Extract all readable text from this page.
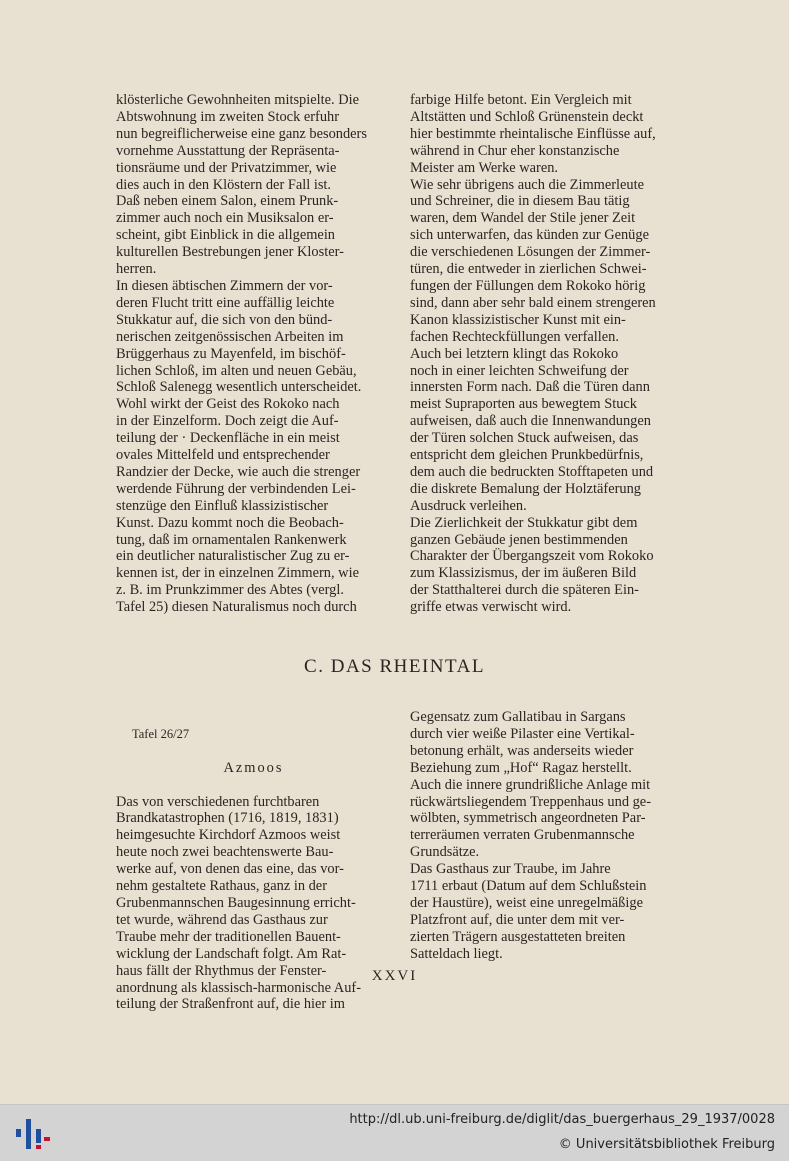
klösterliche Gewohnheiten mitspielte. Die
Abtswohnung im zweiten Stock erfuhr
nun begreiflicherweise eine ganz besonders
vornehme Ausstattung der Repräsenta-
tionsräume und der Privatzimmer, wie
dies auch in den Klöstern der Fall ist.
Daß neben einem Salon, einem Prunk-
zimmer auch noch ein Musiksalon er-
scheint, gibt Einblick in die allgemein
kulturellen Bestrebungen jener Kloster-
herren.
In diesen äbtischen Zimmern der vor-
deren Flucht tritt eine auffällig leichte
Stukkatur auf, die sich von den bünd-
nerischen zeitgenössischen Arbeiten im
Brüggerhaus zu Mayenfeld, im bischöf-
lichen Schloß, im alten und neuen Gebäu,
Schloß Salenegg wesentlich unterscheidet.
Wohl wirkt der Geist des Rokoko nach
in der Einzelform. Doch zeigt die Auf-
teilung der · Deckenfläche in ein meist
ovales Mittelfeld und entsprechender
Randzier der Decke, wie auch die strenger
werdende Führung der verbindenden Lei-
stenzüge den Einfluß klassizistischer
Kunst. Dazu kommt noch die Beobach-
tung, daß im ornamentalen Rankenwerk
ein deutlicher naturalistischer Zug zu er-
kennen ist, der in einzelnen Zimmern, wie
z. B. im Prunkzimmer des Abtes (vergl.
Tafel 25) diesen Naturalismus noch durch
farbige Hilfe betont. Ein Vergleich mit
Altstätten und Schloß Grünenstein deckt
hier bestimmte rheintalische Einflüsse auf,
während in Chur eher konstanzische
Meister am Werke waren.
Wie sehr übrigens auch die Zimmerleute
und Schreiner, die in diesem Bau tätig
waren, dem Wandel der Stile jener Zeit
sich unterwarfen, das künden zur Genüge
die verschiedenen Lösungen der Zimmer-
türen, die entweder in zierlichen Schwei-
fungen der Füllungen dem Rokoko hörig
sind, dann aber sehr bald einem strengeren
Kanon klassizistischer Kunst mit ein-
fachen Rechteckfüllungen verfallen.
Auch bei letztern klingt das Rokoko
noch in einer leichten Schweifung der
innersten Form nach. Daß die Türen dann
meist Supraporten aus bewegtem Stuck
aufweisen, daß auch die Innenwandungen
der Türen solchen Stuck aufweisen, das
entspricht dem gleichen Prunkbedürfnis,
dem auch die bedruckten Stofftapeten und
die diskrete Bemalung der Holztäferung
Ausdruck verleihen.
Die Zierlichkeit der Stukkatur gibt dem
ganzen Gebäude jenen bestimmenden
Charakter der Übergangszeit vom Rokoko
zum Klassizismus, der im äußeren Bild
der Statthalterei durch die späteren Ein-
griffe etwas verwischt wird.
C. DAS RHEINTAL

Tafel 26/27

Azmoos

Das von verschiedenen furchtbaren
Brandkatastrophen (1716, 1819, 1831)
heimgesuchte Kirchdorf Azmoos weist
heute noch zwei beachtenswerte Bau-
werke auf, von denen das eine, das vor-
nehm gestaltete Rathaus, ganz in der
Grubenmannschen Baugesinnung erricht-
tet wurde, während das Gasthaus zur
Traube mehr der traditionellen Bauent-
wicklung der Landschaft folgt. Am Rat-
haus fällt der Rhythmus der Fenster-
anordnung als klassisch-harmonische Auf-
teilung der Straßenfront auf, die hier im

Gegensatz zum Gallatibau in Sargans
durch vier weiße Pilaster eine Vertikal-
betonung erhält, was anderseits wieder
Beziehung zum „Hof“ Ragaz herstellt.
Auch die innere grundrißliche Anlage mit
rückwärtsliegendem Treppenhaus und ge-
wölbten, symmetrisch angeordneten Par-
terreräumen verraten Grubenmannsche
Grundsätze.
Das Gasthaus zur Traube, im Jahre
1711 erbaut (Datum auf dem Schlußstein
der Haustüre), weist eine unregelmäßige
Platzfront auf, die unter dem mit ver-
zierten Trägern ausgestatteten breiten
Satteldach liegt.
XXVI
http://dl.ub.uni-freiburg.de/diglit/das_buergerhaus_29_1937/0028
© Universitätsbibliothek Freiburg
